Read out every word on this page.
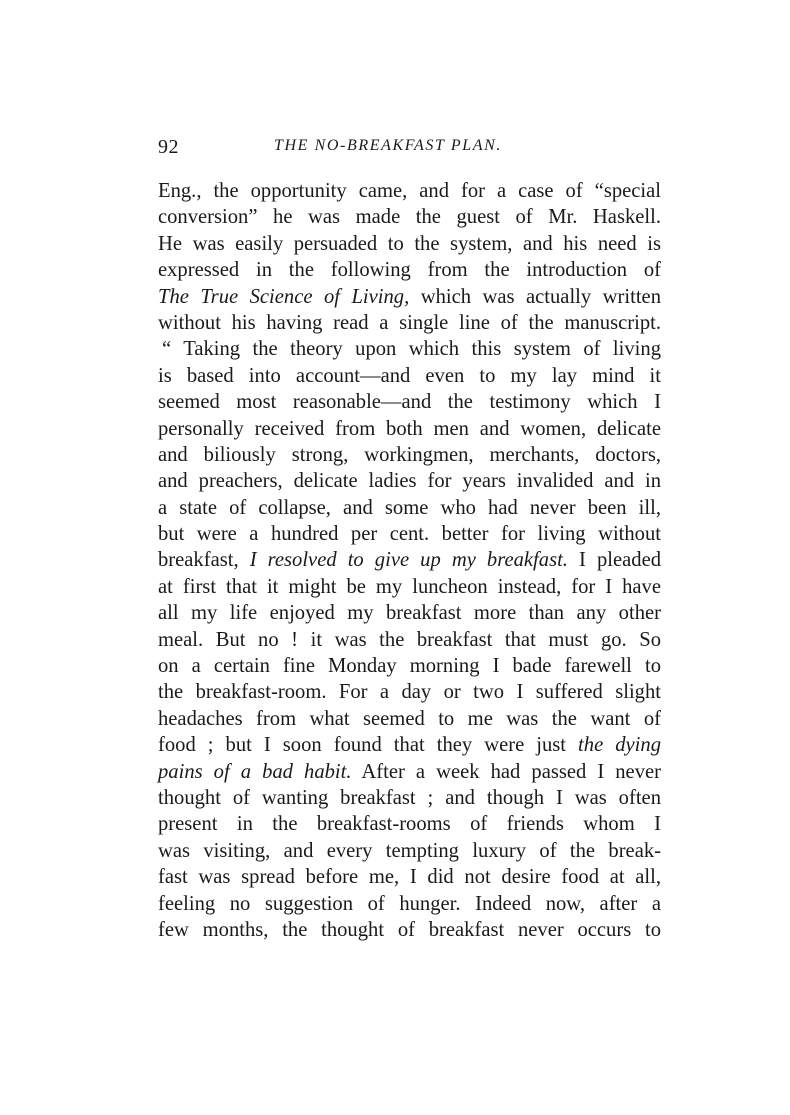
92	THE NO-BREAKFAST PLAN.
Eng., the opportunity came, and for a case of “special
conversion” he was made the guest of Mr. Haskell.
He was easily persuaded to the system, and his need is
expressed in the following from the introduction of
The True Science of Living, which was actually written
without his having read a single line of the manuscript.
“ Taking the theory upon which this system of living
is based into account—and even to my lay mind it
seemed most reasonable—and the testimony which I
personally received from both men and women, delicate
and biliously strong, workingmen, merchants, doctors,
and preachers, delicate ladies for years invalided and in
a state of collapse, and some who had never been ill,
but were a hundred per cent. better for living without
breakfast, I resolved to give up my breakfast. I pleaded
at first that it might be my luncheon instead, for I have
all my life enjoyed my breakfast more than any other
meal. But no ! it was the breakfast that must go. So
on a certain fine Monday morning I bade farewell to
the breakfast-room. For a day or two I suffered slight
headaches from what seemed to me was the want of
food ; but I soon found that they were just the dying
pains of a bad habit. After a week had passed I never
thought of wanting breakfast ; and though I was often
present in the breakfast-rooms of friends whom I
was visiting, and every tempting luxury of the break-
fast was spread before me, I did not desire food at all,
feeling no suggestion of hunger. Indeed now, after a
few months, the thought of breakfast never occurs to
